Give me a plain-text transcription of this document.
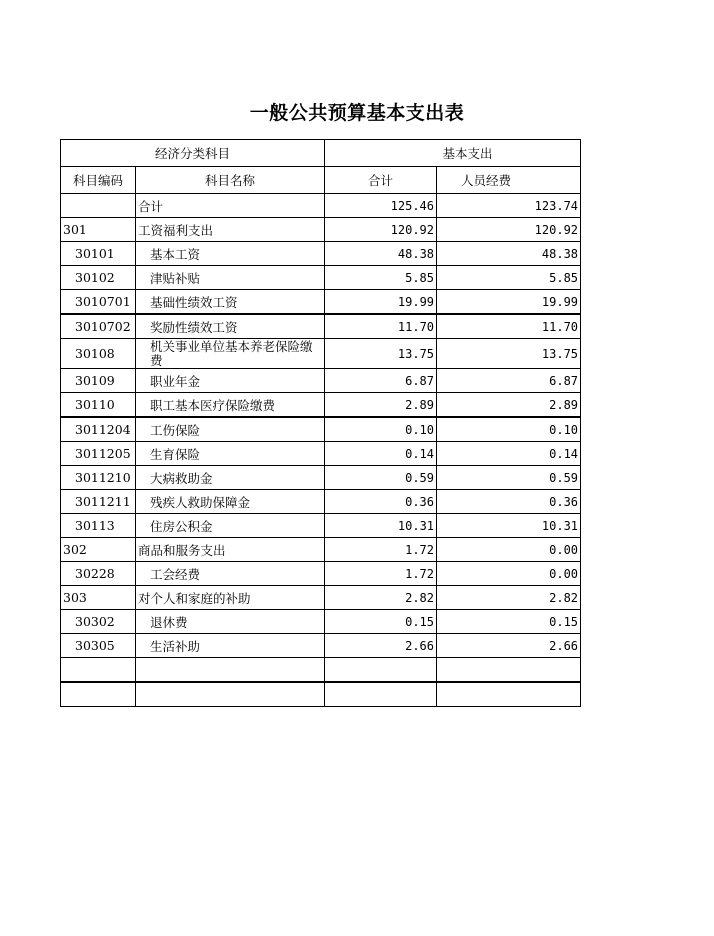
一般公共预算基本支出表
经济分类科目		基本支出	
科目编码	科目名称	合计	人员经费
	合计	125.46	123.74
301	工资福利支出	120.92	120.92
30101	基本工资	48.38	48.38
30102	津贴补贴	5.85	5.85
3010701	基础性绩效工资	19.99	19.99
3010702	奖励性绩效工资	11.70	11.70
30108	机关事业单位基本养老保险缴费	13.75	13.75
30109	职业年金	6.87	6.87
30110	职工基本医疗保险缴费	2.89	2.89
3011204	工伤保险	0.10	0.10
3011205	生育保险	0.14	0.14
3011210	大病救助金	0.59	0.59
3011211	残疾人救助保障金	0.36	0.36
30113	住房公积金	10.31	10.31
302	商品和服务支出	1.72	0.00
30228	工会经费	1.72	0.00
303	对个人和家庭的补助	2.82	2.82
30302	退休费	0.15	0.15
30305	生活补助	2.66	2.66
